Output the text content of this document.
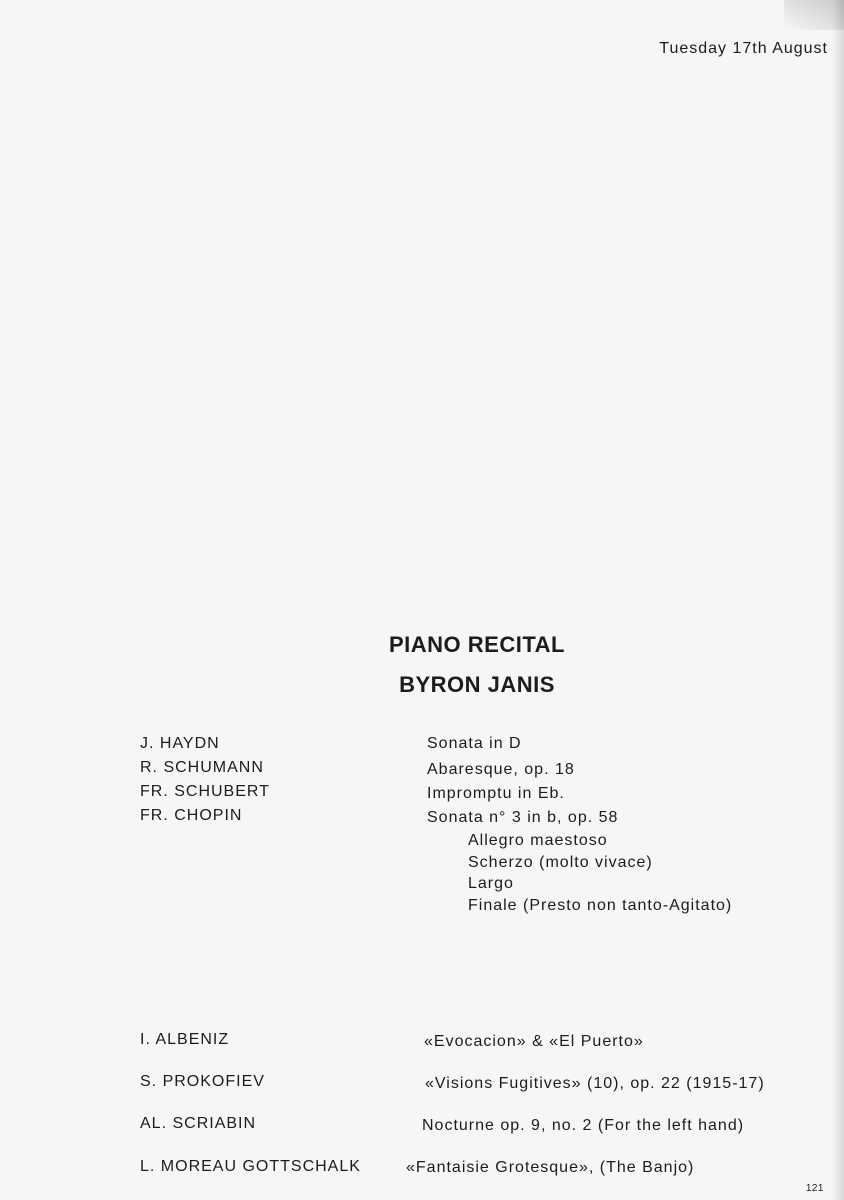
Tuesday 17th August
PIANO RECITAL
BYRON JANIS
J. HAYDN	Sonata in D
R. SCHUMANN	Abaresque, op. 18
FR. SCHUBERT	Impromptu in Eb.
FR. CHOPIN	Sonata n° 3 in b, op. 58
Allegro maestoso
Scherzo (molto vivace)
Largo
Finale (Presto non tanto-Agitato)
I. ALBENIZ	«Evocacion» & «El Puerto»
S. PROKOFIEV	«Visions Fugitives» (10), op. 22 (1915-17)
AL. SCRIABIN	Nocturne op. 9, no. 2 (For the left hand)
L. MOREAU GOTTSCHALK	«Fantaisie Grotesque», (The Banjo)
121
